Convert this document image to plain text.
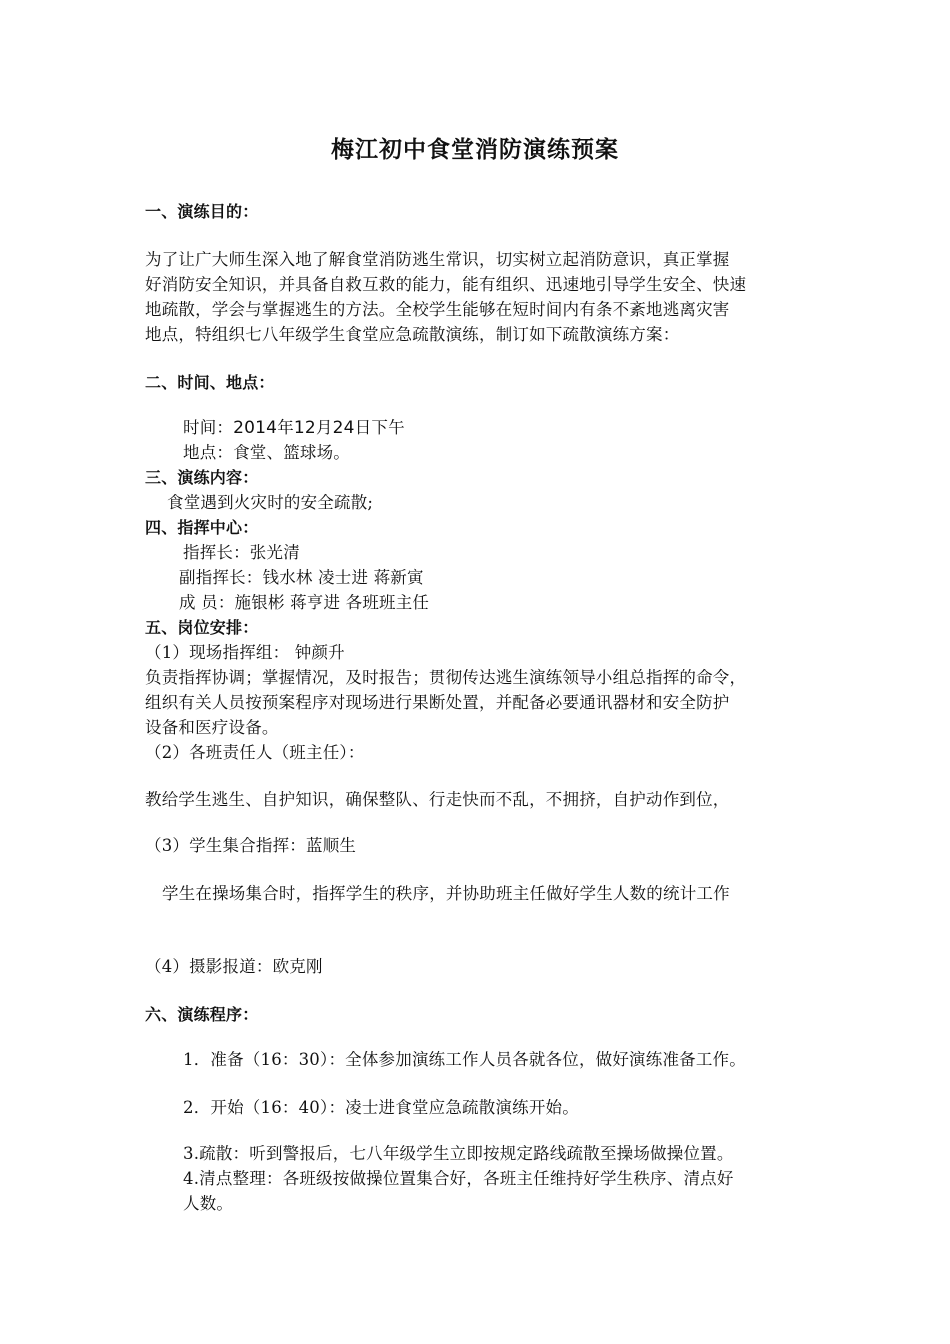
梅江初中食堂消防演练预案
一、演练目的：
为了让广大师生深入地了解食堂消防逃生常识，切实树立起消防意识，真正掌握
好消防安全知识，并具备自救互救的能力，能有组织、迅速地引导学生安全、快速
地疏散，学会与掌握逃生的方法。全校学生能够在短时间内有条不紊地逃离灾害
地点，特组织七八年级学生食堂应急疏散演练，制订如下疏散演练方案：
二、时间、地点：
时间：2014年12月24日下午
地点：食堂、篮球场。
三、演练内容：
食堂遇到火灾时的安全疏散;
四、指挥中心：
指挥长：张光清
副指挥长：钱水林 凌士进 蒋新寅
成 员：施银彬 蒋亨进 各班班主任
五、岗位安排：
（1）现场指挥组： 钟颜升
负责指挥协调；掌握情况，及时报告；贯彻传达逃生演练领导小组总指挥的命令，
组织有关人员按预案程序对现场进行果断处置，并配备必要通讯器材和安全防护
设备和医疗设备。
（2）各班责任人（班主任）：
教给学生逃生、自护知识，确保整队、行走快而不乱，不拥挤，自护动作到位，
（3）学生集合指挥：蓝顺生
学生在操场集合时，指挥学生的秩序，并协助班主任做好学生人数的统计工作
（4）摄影报道：欧克刚
六、演练程序：
1．准备（16：30）：全体参加演练工作人员各就各位，做好演练准备工作。
2．开始（16：40）：凌士进食堂应急疏散演练开始。
3.疏散：听到警报后，七八年级学生立即按规定路线疏散至操场做操位置。
4.清点整理：各班级按做操位置集合好，各班主任维持好学生秩序、清点好
人数。
